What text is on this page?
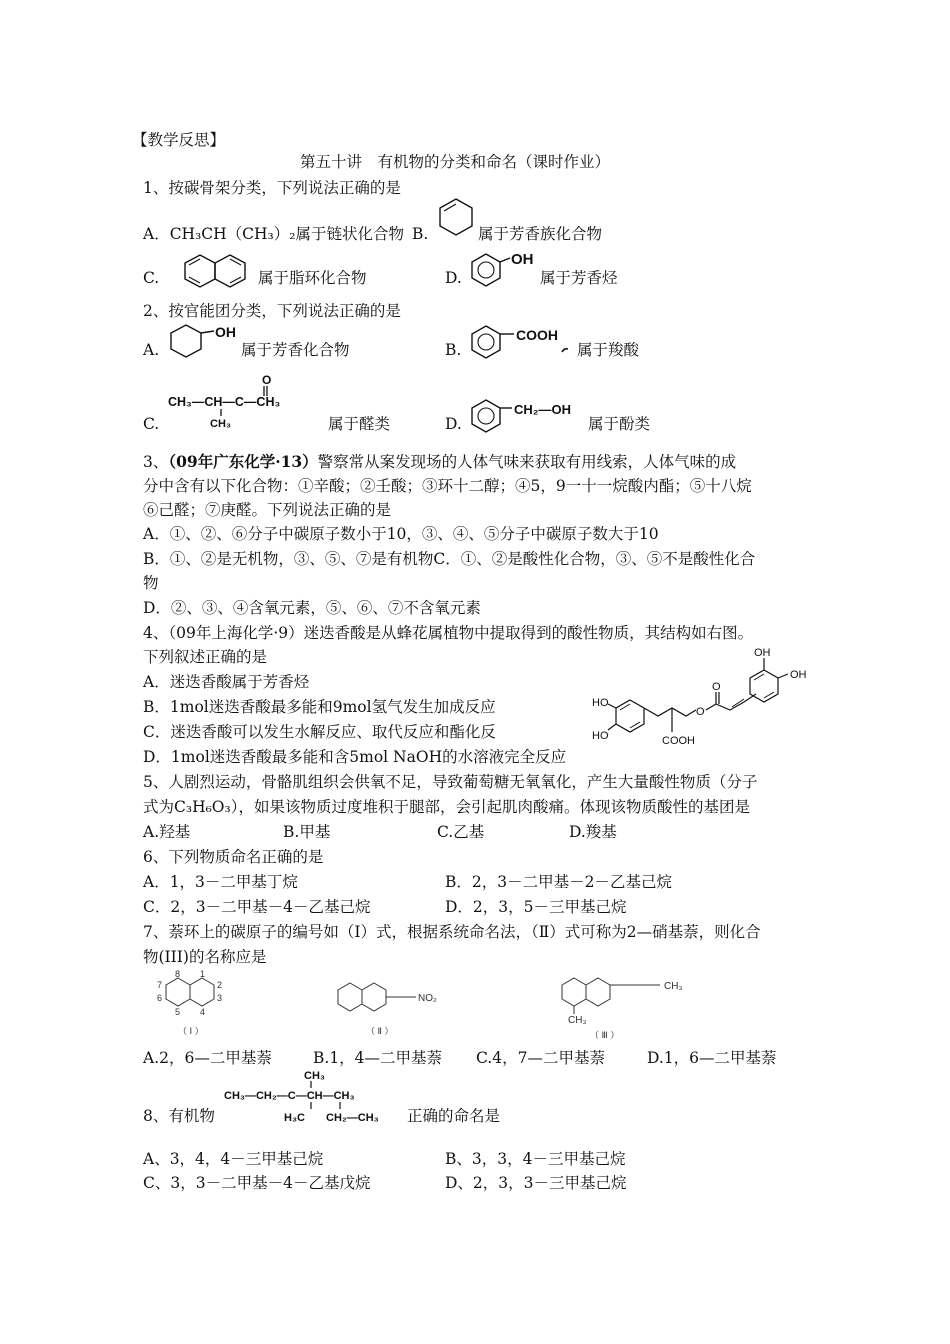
【教学反思】
第五十讲　有机物的分类和命名（课时作业）
1、按碳骨架分类，下列说法正确的是
A．CH₃CH（CH₃）₂属于链状化合物 B.	属于芳香族化合物
C.	属于脂环化合物	D.
OH
属于芳香烃
2、按官能团分类，下列说法正确的是
A.
OH
属于芳香化合物	B.
COOH
属于羧酸
O
CH₃—CH—C—CH₃
CH₃
C.	属于醛类	D.
CH₂—OH
属于酚类
3、（09年广东化学·13）警察常从案发现场的人体气味来获取有用线索，人体气味的成
分中含有以下化合物：①辛酸；②壬酸；③环十二醇；④5，9一十一烷酸内酯；⑤十八烷
⑥己醛；⑦庚醛。下列说法正确的是
A．①、②、⑥分子中碳原子数小于10，③、④、⑤分子中碳原子数大于10
B．①、②是无机物，③、⑤、⑦是有机物C．①、②是酸性化合物，③、⑤不是酸性化合
物
D．②、③、④含氧元素，⑤、⑥、⑦不含氧元素
4、（09年上海化学·9）迷迭香酸是从蜂花属植物中提取得到的酸性物质，其结构如右图。
下列叙述正确的是
A．迷迭香酸属于芳香烃
B．1mol迷迭香酸最多能和9mol氢气发生加成反应
C．迷迭香酸可以发生水解反应、取代反应和酯化反
D．1mol迷迭香酸最多能和含5mol NaOH的水溶液完全反应
HO
HO	COOH
O
O
OH
OH
5、人剧烈运动，骨骼肌组织会供氧不足，导致葡萄糖无氧氧化，产生大量酸性物质（分子
式为C₃H₆O₃），如果该物质过度堆积于腿部，会引起肌肉酸痛。体现该物质酸性的基团是
A.羟基	B.甲基	C.乙基	D.羧基
6、下列物质命名正确的是
A．1，3－二甲基丁烷	B．2，3－二甲基－2－乙基己烷
C．2，3－二甲基－4－乙基己烷	D．2，3，5－三甲基己烷
7、萘环上的碳原子的编号如（Ⅰ）式，根据系统命名法，（Ⅱ）式可称为2—硝基萘，则化合
物(III)的名称应是
8 1
7	2
6	3
5 4
（ Ⅰ ）
NO₂
（ Ⅱ ）
CH₃
CH₃
（ Ⅲ ）
A.2，6—二甲基萘	B.1，4—二甲基萘 C.4，7—二甲基萘	D.1，6—二甲基萘
CH₃
CH₃—CH₂—C—CH—CH₃
H₃C CH₂—CH₃
8、有机物	正确的命名是
A、3，4，4－三甲基己烷	B、3，3，4－三甲基己烷
C、3，3－二甲基－4－乙基戊烷	D、2，3，3－三甲基己烷
